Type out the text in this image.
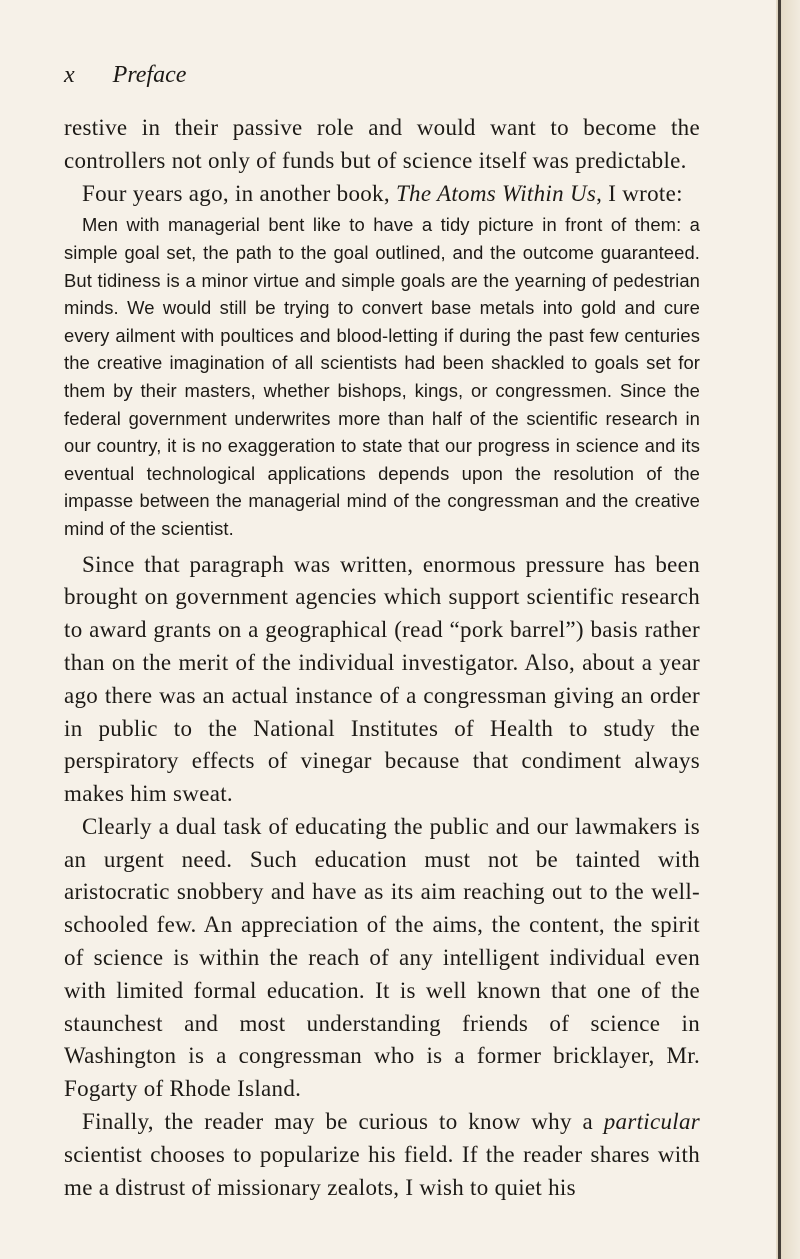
x Preface

restive in their passive role and would want to become the controllers not only of funds but of science itself was predictable.

Four years ago, in another book, The Atoms Within Us, I wrote:

Men with managerial bent like to have a tidy picture in front of them: a simple goal set, the path to the goal outlined, and the outcome guaranteed. But tidiness is a minor virtue and simple goals are the yearning of pedestrian minds. We would still be trying to convert base metals into gold and cure every ailment with poultices and blood-letting if during the past few centuries the creative imagination of all scientists had been shackled to goals set for them by their masters, whether bishops, kings, or congressmen. Since the federal government underwrites more than half of the scientific research in our country, it is no exaggeration to state that our progress in science and its eventual technological applications depends upon the resolution of the impasse between the managerial mind of the congressman and the creative mind of the scientist.

Since that paragraph was written, enormous pressure has been brought on government agencies which support scientific research to award grants on a geographical (read “pork barrel”) basis rather than on the merit of the individual investigator. Also, about a year ago there was an actual instance of a congressman giving an order in public to the National Institutes of Health to study the perspiratory effects of vinegar because that condiment always makes him sweat.

Clearly a dual task of educating the public and our lawmakers is an urgent need. Such education must not be tainted with aristocratic snobbery and have as its aim reaching out to the well-schooled few. An appreciation of the aims, the content, the spirit of science is within the reach of any intelligent individual even with limited formal education. It is well known that one of the staunchest and most understanding friends of science in Washington is a congressman who is a former bricklayer, Mr. Fogarty of Rhode Island.

Finally, the reader may be curious to know why a particular scientist chooses to popularize his field. If the reader shares with me a distrust of missionary zealots, I wish to quiet his
